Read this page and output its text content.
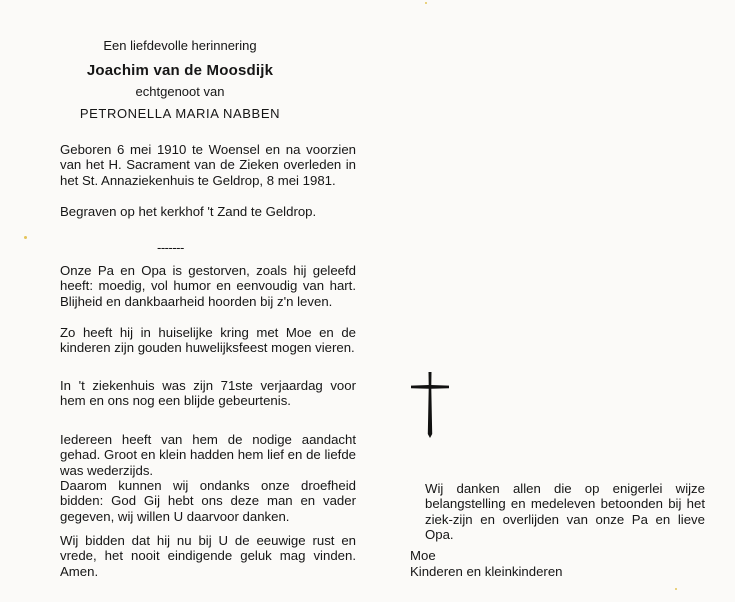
Een liefdevolle herinnering
Joachim van de Moosdijk
echtgenoot van
PETRONELLA MARIA NABBEN

Geboren 6 mei 1910 te Woensel en na voorzien van het H. Sacrament van de Zieken overleden in het St. Annaziekenhuis te Geldrop, 8 mei 1981.

Begraven op het kerkhof 't Zand te Geldrop.

-------

Onze Pa en Opa is gestorven, zoals hij geleefd heeft: moedig, vol humor en eenvoudig van hart. Blijheid en dankbaarheid hoorden bij z'n leven.

Zo heeft hij in huiselijke kring met Moe en de kinderen zijn gouden huwelijksfeest mogen vieren.

In 't ziekenhuis was zijn 71ste verjaardag voor hem en ons nog een blijde gebeurtenis.

Iedereen heeft van hem de nodige aandacht gehad. Groot en klein hadden hem lief en de liefde was wederzijds.

Daarom kunnen wij ondanks onze droefheid bidden: God Gij hebt ons deze man en vader gegeven, wij willen U daarvoor danken.

Wij bidden dat hij nu bij U de eeuwige rust en vrede, het nooit eindigende geluk mag vinden. Amen.

Wij danken allen die op enigerlei wijze belangstelling en medeleven betoonden bij het ziek-zijn en overlijden van onze Pa en lieve Opa.

Moe
Kinderen en kleinkinderen
